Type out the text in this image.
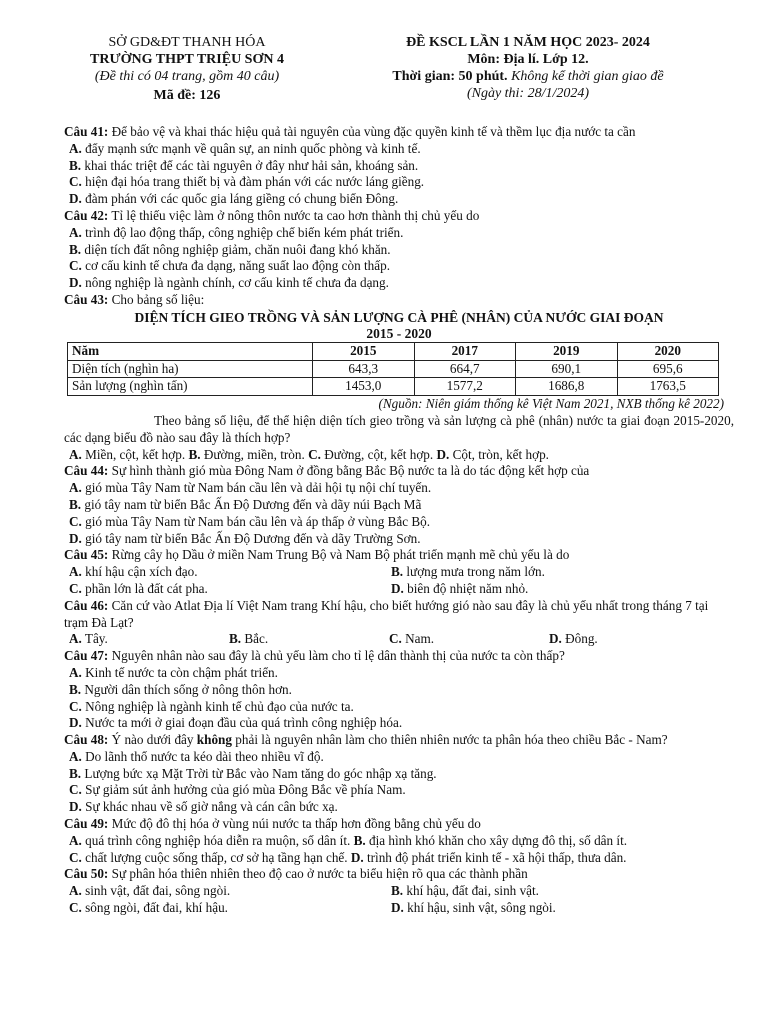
SỞ GD&ĐT THANH HÓA
TRƯỜNG THPT TRIỆU SƠN 4
(Đề thi có 04 trang, gồm 40 câu)
Mã đề: 126
ĐỀ KSCL LẦN 1 NĂM HỌC 2023- 2024
Môn: Địa lí. Lớp 12.
Thời gian: 50 phút. Không kể thời gian giao đề
(Ngày thi: 28/1/2024)

Câu 41: Để bảo vệ và khai thác hiệu quả tài nguyên của vùng đặc quyền kinh tế và thềm lục địa nước ta cần

A. đẩy mạnh sức mạnh về quân sự, an ninh quốc phòng và kinh tế.

B. khai thác triệt để các tài nguyên ở đây như hải sản, khoáng sản.

C. hiện đại hóa trang thiết bị và đàm phán với các nước láng giềng.

D. đàm phán với các quốc gia láng giềng có chung biển Đông.

Câu 42: Tỉ lệ thiếu việc làm ở nông thôn nước ta cao hơn thành thị chủ yếu do

A. trình độ lao động thấp, công nghiệp chế biến kém phát triển.

B. diện tích đất nông nghiệp giảm, chăn nuôi đang khó khăn.

C. cơ cấu kinh tế chưa đa dạng, năng suất lao động còn thấp.

D. nông nghiệp là ngành chính, cơ cấu kinh tế chưa đa dạng.

Câu 43: Cho bảng số liệu:

DIỆN TÍCH GIEO TRỒNG VÀ SẢN LƯỢNG CÀ PHÊ (NHÂN) CỦA NƯỚC GIAI ĐOẠN
2015 - 2020
Năm	2015	2017	2019	2020
Diện tích (nghìn ha)	643,3	664,7	690,1	695,6
Sản lượng (nghìn tấn)	1453,0	1577,2	1686,8	1763,5

(Nguồn: Niên giám thống kê Việt Nam 2021, NXB thống kê 2022)

Theo bảng số liệu, để thể hiện diện tích gieo trồng và sản lượng cà phê (nhân) nước ta giai đoạn 2015-2020, các dạng biểu đồ nào sau đây là thích hợp?

A. Miền, cột, kết hợp. B. Đường, miền, tròn. C. Đường, cột, kết hợp. D. Cột, tròn, kết hợp.

Câu 44: Sự hình thành gió mùa Đông Nam ở đồng bằng Bắc Bộ nước ta là do tác động kết hợp của

A. gió mùa Tây Nam từ Nam bán cầu lên và dải hội tụ nội chí tuyến.

B. gió tây nam từ biển Bắc Ấn Độ Dương đến và dãy núi Bạch Mã

C. gió mùa Tây Nam từ Nam bán cầu lên và áp thấp ở vùng Bắc Bộ.

D. gió tây nam từ biển Bắc Ấn Độ Dương đến và dãy Trường Sơn.

Câu 45: Rừng cây họ Dầu ở miền Nam Trung Bộ và Nam Bộ phát triển mạnh mẽ chủ yếu là do

A. khí hậu cận xích đạo.	B. lượng mưa trong năm lớn.
C. phần lớn là đất cát pha.	D. biên độ nhiệt năm nhỏ.

Câu 46: Căn cứ vào Atlat Địa lí Việt Nam trang Khí hậu, cho biết hướng gió nào sau đây là chủ yếu nhất trong tháng 7 tại trạm Đà Lạt?

A. Tây.	B. Bắc.	C. Nam.	D. Đông.

Câu 47: Nguyên nhân nào sau đây là chủ yếu làm cho tỉ lệ dân thành thị của nước ta còn thấp?

A. Kinh tế nước ta còn chậm phát triển.

B. Người dân thích sống ở nông thôn hơn.

C. Nông nghiệp là ngành kinh tế chủ đạo của nước ta.

D. Nước ta mới ở giai đoạn đầu của quá trình công nghiệp hóa.

Câu 48: Ý nào dưới đây không phải là nguyên nhân làm cho thiên nhiên nước ta phân hóa theo chiều Bắc - Nam?

A. Do lãnh thổ nước ta kéo dài theo nhiều vĩ độ.

B. Lượng bức xạ Mặt Trời từ Bắc vào Nam tăng do góc nhập xạ tăng.

C. Sự giảm sút ảnh hưởng của gió mùa Đông Bắc về phía Nam.

D. Sự khác nhau về số giờ nắng và cán cân bức xạ.

Câu 49: Mức độ đô thị hóa ở vùng núi nước ta thấp hơn đồng bằng chủ yếu do

A. quá trình công nghiệp hóa diễn ra muộn, số dân ít. B. địa hình khó khăn cho xây dựng đô thị, số dân ít.

C. chất lượng cuộc sống thấp, cơ sở hạ tầng hạn chế. D. trình độ phát triển kinh tế - xã hội thấp, thưa dân.

Câu 50: Sự phân hóa thiên nhiên theo độ cao ở nước ta biểu hiện rõ qua các thành phần

A. sinh vật, đất đai, sông ngòi.	B. khí hậu, đất đai, sinh vật.
C. sông ngòi, đất đai, khí hậu.	D. khí hậu, sinh vật, sông ngòi.
